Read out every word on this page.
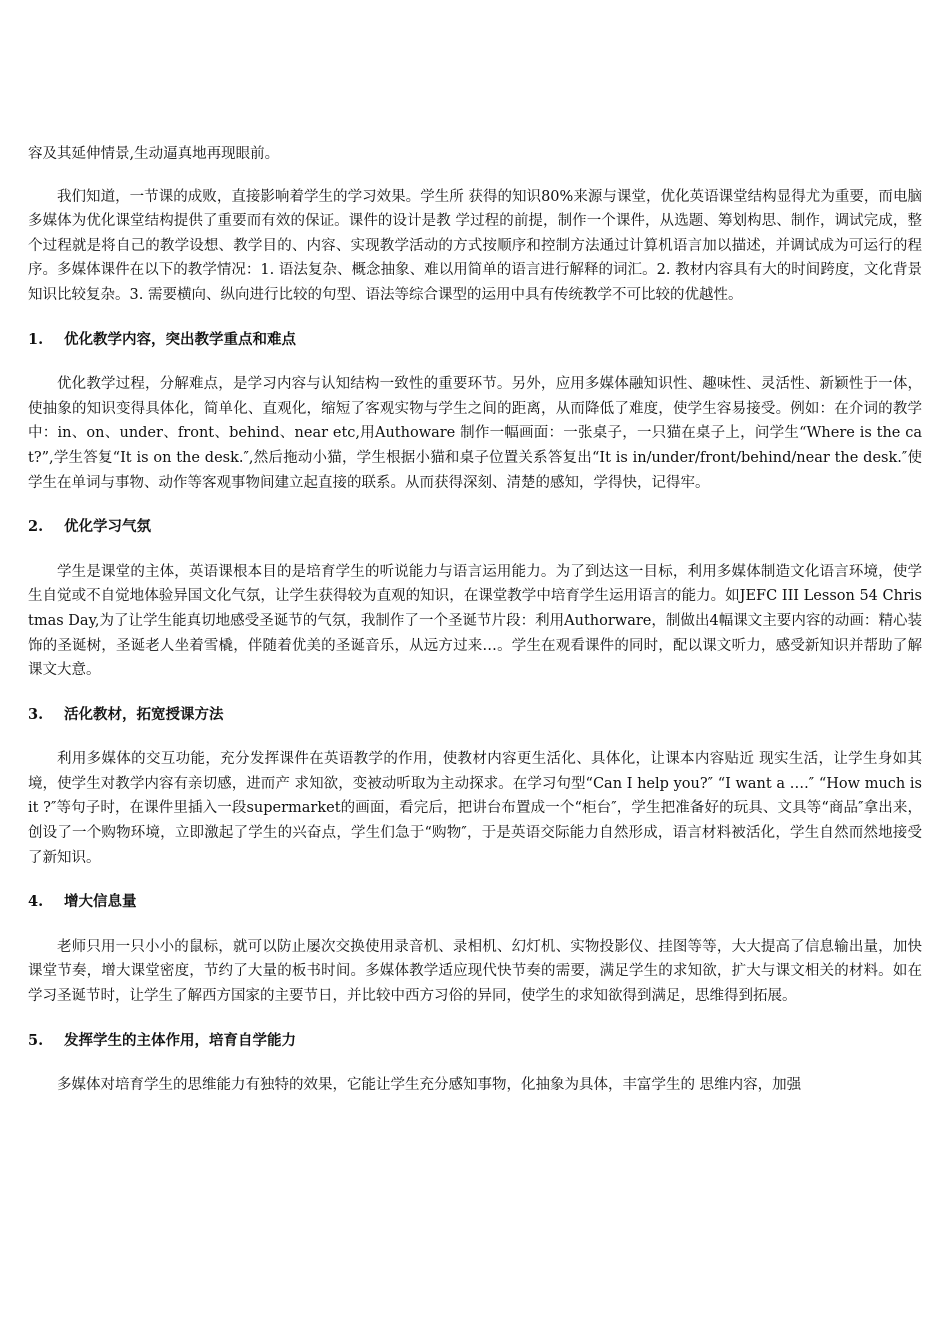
容及其延伸情景,生动逼真地再现眼前。

我们知道，一节课的成败，直接影响着学生的学习效果。学生所 获得的知识80%来源与课堂，优化英语课堂结构显得尤为重要，而电脑多媒体为优化课堂结构提供了重要而有效的保证。课件的设计是教 学过程的前提，制作一个课件，从选题、筹划构思、制作，调试完成，整个过程就是将自己的教学设想、教学目的、内容、实现教学活动的方式按顺序和控制方法通过计算机语言加以描述，并调试成为可运行的程序。多媒体课件在以下的教学情况：1. 语法复杂、概念抽象、难以用简单的语言进行解释的词汇。2. 教材内容具有大的时间跨度，文化背景知识比较复杂。3. 需要横向、纵向进行比较的句型、语法等综合课型的运用中具有传统教学不可比较的优越性。

1.	优化教学内容，突出教学重点和难点

优化教学过程，分解难点，是学习内容与认知结构一致性的重要环节。另外，应用多媒体融知识性、趣味性、灵活性、新颖性于一体，使抽象的知识变得具体化，简单化、直观化，缩短了客观实物与学生之间的距离，从而降低了难度，使学生容易接受。例如：在介词的教学中：in、on、under、front、behind、near etc,用Authoware 制作一幅画面：一张桌子，一只猫在桌子上，问学生“Where is the cat?”,学生答复“It is on the desk.″,然后拖动小猫，学生根据小猫和桌子位置关系答复出“It is in/under/front/behind/near the desk.″使学生在单词与事物、动作等客观事物间建立起直接的联系。从而获得深刻、清楚的感知，学得快，记得牢。

2.	优化学习气氛

学生是课堂的主体，英语课根本目的是培育学生的听说能力与语言运用能力。为了到达这一目标，利用多媒体制造文化语言环境，使学生自觉或不自觉地体验异国文化气氛，让学生获得较为直观的知识，在课堂教学中培育学生运用语言的能力。如JEFC III Lesson 54 Christmas Day,为了让学生能真切地感受圣诞节的气氛，我制作了一个圣诞节片段：利用Authorware，制做出4幅课文主要内容的动画：精心装饰的圣诞树，圣诞老人坐着雪橇，伴随着优美的圣诞音乐，从远方过来…。学生在观看课件的同时，配以课文听力，感受新知识并帮助了解课文大意。

3.	活化教材，拓宽授课方法

利用多媒体的交互功能，充分发挥课件在英语教学的作用，使教材内容更生活化、具体化，让课本内容贴近 现实生活，让学生身如其境，使学生对教学内容有亲切感，进而产 求知欲，变被动听取为主动探求。在学习句型“Can I help you?″ “I want a ….″ “How much is it ?″等句子时，在课件里插入一段supermarket的画面，看完后，把讲台布置成一个“柜台″，学生把准备好的玩具、文具等“商品″拿出来，创设了一个购物环境，立即激起了学生的兴奋点，学生们急于“购物″，于是英语交际能力自然形成，语言材料被活化，学生自然而然地接受了新知识。

4.	增大信息量

老师只用一只小小的鼠标，就可以防止屡次交换使用录音机、录相机、幻灯机、实物投影仪、挂图等等，大大提高了信息输出量，加快课堂节奏，增大课堂密度，节约了大量的板书时间。多媒体教学适应现代快节奏的需要，满足学生的求知欲，扩大与课文相关的材料。如在学习圣诞节时，让学生了解西方国家的主要节日，并比较中西方习俗的异同，使学生的求知欲得到满足，思维得到拓展。

5.	发挥学生的主体作用，培育自学能力

多媒体对培育学生的思维能力有独特的效果，它能让学生充分感知事物，化抽象为具体，丰富学生的 思维内容，加强
